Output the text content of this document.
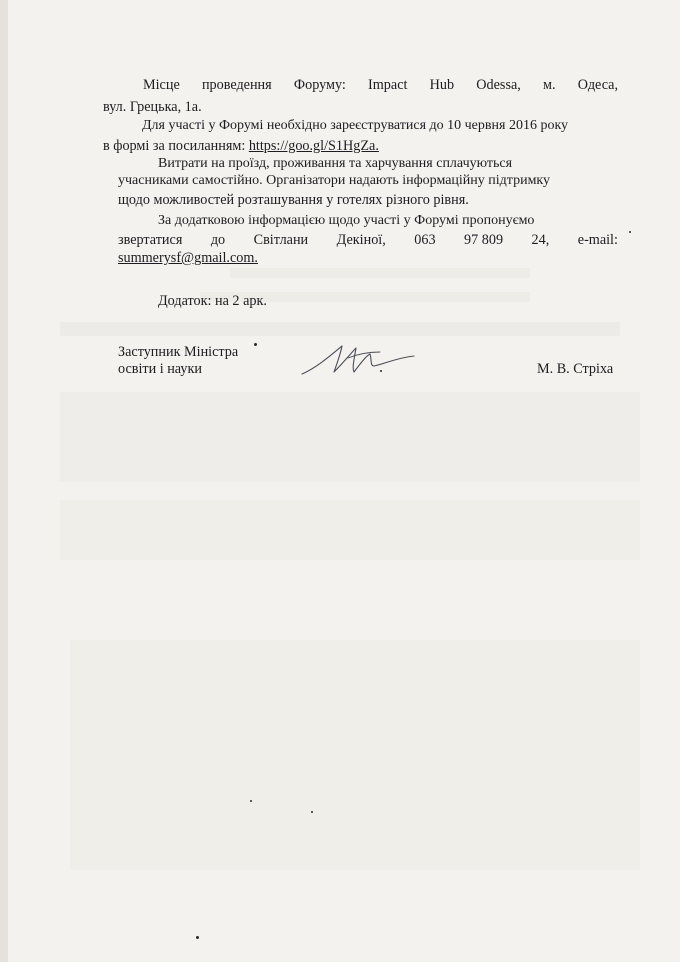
Місце проведення Форуму: Impact Hub Odessa, м. Одеса,
вул. Грецька, 1а.
Для участі у Форумі необхідно зареєструватися до 10 червня 2016 року
в формі за посиланням: https://goo.gl/S1HgZa.
Витрати на проїзд, проживання та харчування сплачуються
учасниками самостійно. Організатори надають інформаційну підтримку
щодо можливостей розташування у готелях різного рівня.
За додатковою інформацією щодо участі у Форумі пропонуємо
звертатися до Світлани Декіної, 063 97 809 24, e-mail:
summerysf@gmail.com.
Додаток: на 2 арк.
Заступник Міністра
освіти і науки	М. В. Стріха
